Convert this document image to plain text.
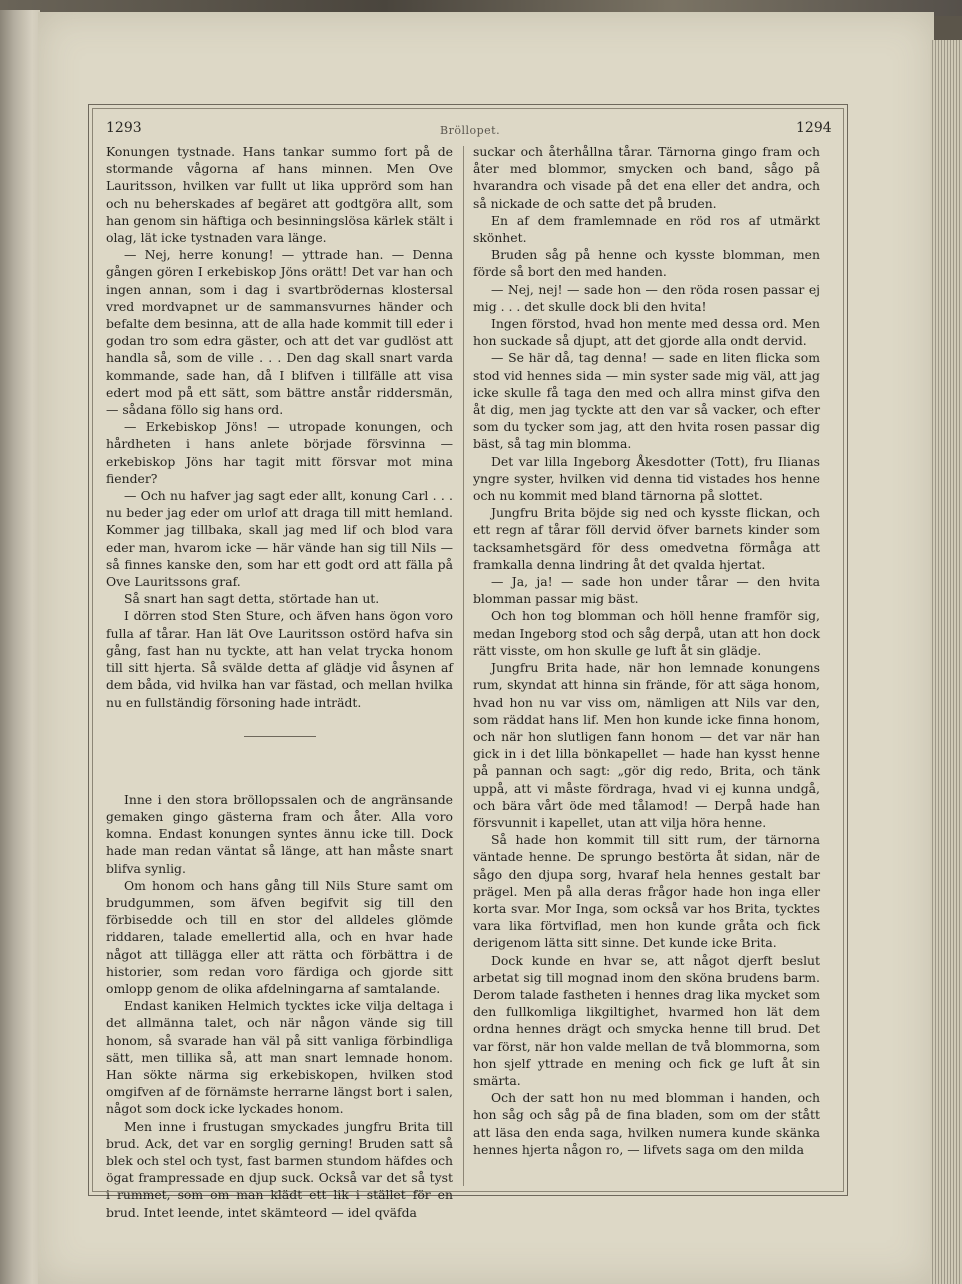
1293	Bröllopet.	1294

Konungen tystnade. Hans tankar summo fort på de stormande vågorna af hans minnen. Men Ove Lauritsson, hvilken var fullt ut lika upprörd som han och nu beherskades af begäret att godtgöra allt, som han genom sin häftiga och besinningslösa kärlek stält i olag, lät icke tystnaden vara länge.

— Nej, herre konung! — yttrade han. — Denna gången gören I erkebiskop Jöns orätt! Det var han och ingen annan, som i dag i svartbrödernas klostersal vred mordvapnet ur de sammansvurnes händer och befalte dem besinna, att de alla hade kommit till eder i godan tro som edra gäster, och att det var gudlöst att handla så, som de ville . . . Den dag skall snart varda kommande, sade han, då I blifven i tillfälle att visa edert mod på ett sätt, som bättre anstår riddersmän, — sådana föllo sig hans ord.

— Erkebiskop Jöns! — utropade konungen, och hårdheten i hans anlete började försvinna — erkebiskop Jöns har tagit mitt försvar mot mina fiender?

— Och nu hafver jag sagt eder allt, konung Carl . . . nu beder jag eder om urlof att draga till mitt hemland. Kommer jag tillbaka, skall jag med lif och blod vara eder man, hvarom icke — här vände han sig till Nils — så finnes kanske den, som har ett godt ord att fälla på Ove Lauritssons graf.

Så snart han sagt detta, störtade han ut.

I dörren stod Sten Sture, och äfven hans ögon voro fulla af tårar. Han lät Ove Lauritsson ostörd hafva sin gång, fast han nu tyckte, att han velat trycka honom till sitt hjerta. Så svälde detta af glädje vid åsynen af dem båda, vid hvilka han var fästad, och mellan hvilka nu en fullständig försoning hade inträdt.

Inne i den stora bröllopssalen och de angränsande gemaken gingo gästerna fram och åter. Alla voro komna. Endast konungen syntes ännu icke till. Dock hade man redan väntat så länge, att han måste snart blifva synlig.

Om honom och hans gång till Nils Sture samt om brudgummen, som äfven begifvit sig till den förbisedde och till en stor del alldeles glömde riddaren, talade emellertid alla, och en hvar hade något att tillägga eller att rätta och förbättra i de historier, som redan voro färdiga och gjorde sitt omlopp genom de olika afdelningarna af samtalande.

Endast kaniken Helmich tycktes icke vilja deltaga i det allmänna talet, och när någon vände sig till honom, så svarade han väl på sitt vanliga förbindliga sätt, men tillika så, att man snart lemnade honom. Han sökte närma sig erkebiskopen, hvilken stod omgifven af de förnämste herrarne längst bort i salen, något som dock icke lyckades honom.

Men inne i frustugan smyckades jungfru Brita till brud. Ack, det var en sorglig gerning! Bruden satt så blek och stel och tyst, fast barmen stundom häfdes och ögat frampressade en djup suck. Också var det så tyst i rummet, som om man klädt ett lik i stället för en brud. Intet leende, intet skämteord — idel qväfda

suckar och återhållna tårar. Tärnorna gingo fram och åter med blommor, smycken och band, sågo på hvarandra och visade på det ena eller det andra, och så nickade de och satte det på bruden.

En af dem framlemnade en röd ros af utmärkt skönhet.

Bruden såg på henne och kysste blomman, men förde så bort den med handen.

— Nej, nej! — sade hon — den röda rosen passar ej mig . . . det skulle dock bli den hvita!

Ingen förstod, hvad hon mente med dessa ord. Men hon suckade så djupt, att det gjorde alla ondt dervid.

— Se här då, tag denna! — sade en liten flicka som stod vid hennes sida — min syster sade mig väl, att jag icke skulle få taga den med och allra minst gifva den åt dig, men jag tyckte att den var så vacker, och efter som du tycker som jag, att den hvita rosen passar dig bäst, så tag min blomma.

Det var lilla Ingeborg Åkesdotter (Tott), fru Ilianas yngre syster, hvilken vid denna tid vistades hos henne och nu kommit med bland tärnorna på slottet.

Jungfru Brita böjde sig ned och kysste flickan, och ett regn af tårar föll dervid öfver barnets kinder som tacksamhetsgärd för dess omedvetna förmåga att framkalla denna lindring åt det qvalda hjertat.

— Ja, ja! — sade hon under tårar — den hvita blomman passar mig bäst.

Och hon tog blomman och höll henne framför sig, medan Ingeborg stod och såg derpå, utan att hon dock rätt visste, om hon skulle ge luft åt sin glädje.

Jungfru Brita hade, när hon lemnade konungens rum, skyndat att hinna sin frände, för att säga honom, hvad hon nu var viss om, nämligen att Nils var den, som räddat hans lif. Men hon kunde icke finna honom, och när hon slutligen fann honom — det var när han gick in i det lilla bönkapellet — hade han kysst henne på pannan och sagt: „gör dig redo, Brita, och tänk uppå, att vi måste fördraga, hvad vi ej kunna undgå, och bära vårt öde med tålamod! — Derpå hade han försvunnit i kapellet, utan att vilja höra henne.

Så hade hon kommit till sitt rum, der tärnorna väntade henne. De sprungo bestörta åt sidan, när de sågo den djupa sorg, hvaraf hela hennes gestalt bar prägel. Men på alla deras frågor hade hon inga eller korta svar. Mor Inga, som också var hos Brita, tycktes vara lika förtviflad, men hon kunde gråta och fick derigenom lätta sitt sinne. Det kunde icke Brita.

Dock kunde en hvar se, att något djerft beslut arbetat sig till mognad inom den sköna brudens barm. Derom talade fastheten i hennes drag lika mycket som den fullkomliga likgiltighet, hvarmed hon lät dem ordna hennes drägt och smycka henne till brud. Det var först, när hon valde mellan de två blommorna, som hon sjelf yttrade en mening och fick ge luft åt sin smärta.

Och der satt hon nu med blomman i handen, och hon såg och såg på de fina bladen, som om der stått att läsa den enda saga, hvilken numera kunde skänka hennes hjerta någon ro, — lifvets saga om den milda
